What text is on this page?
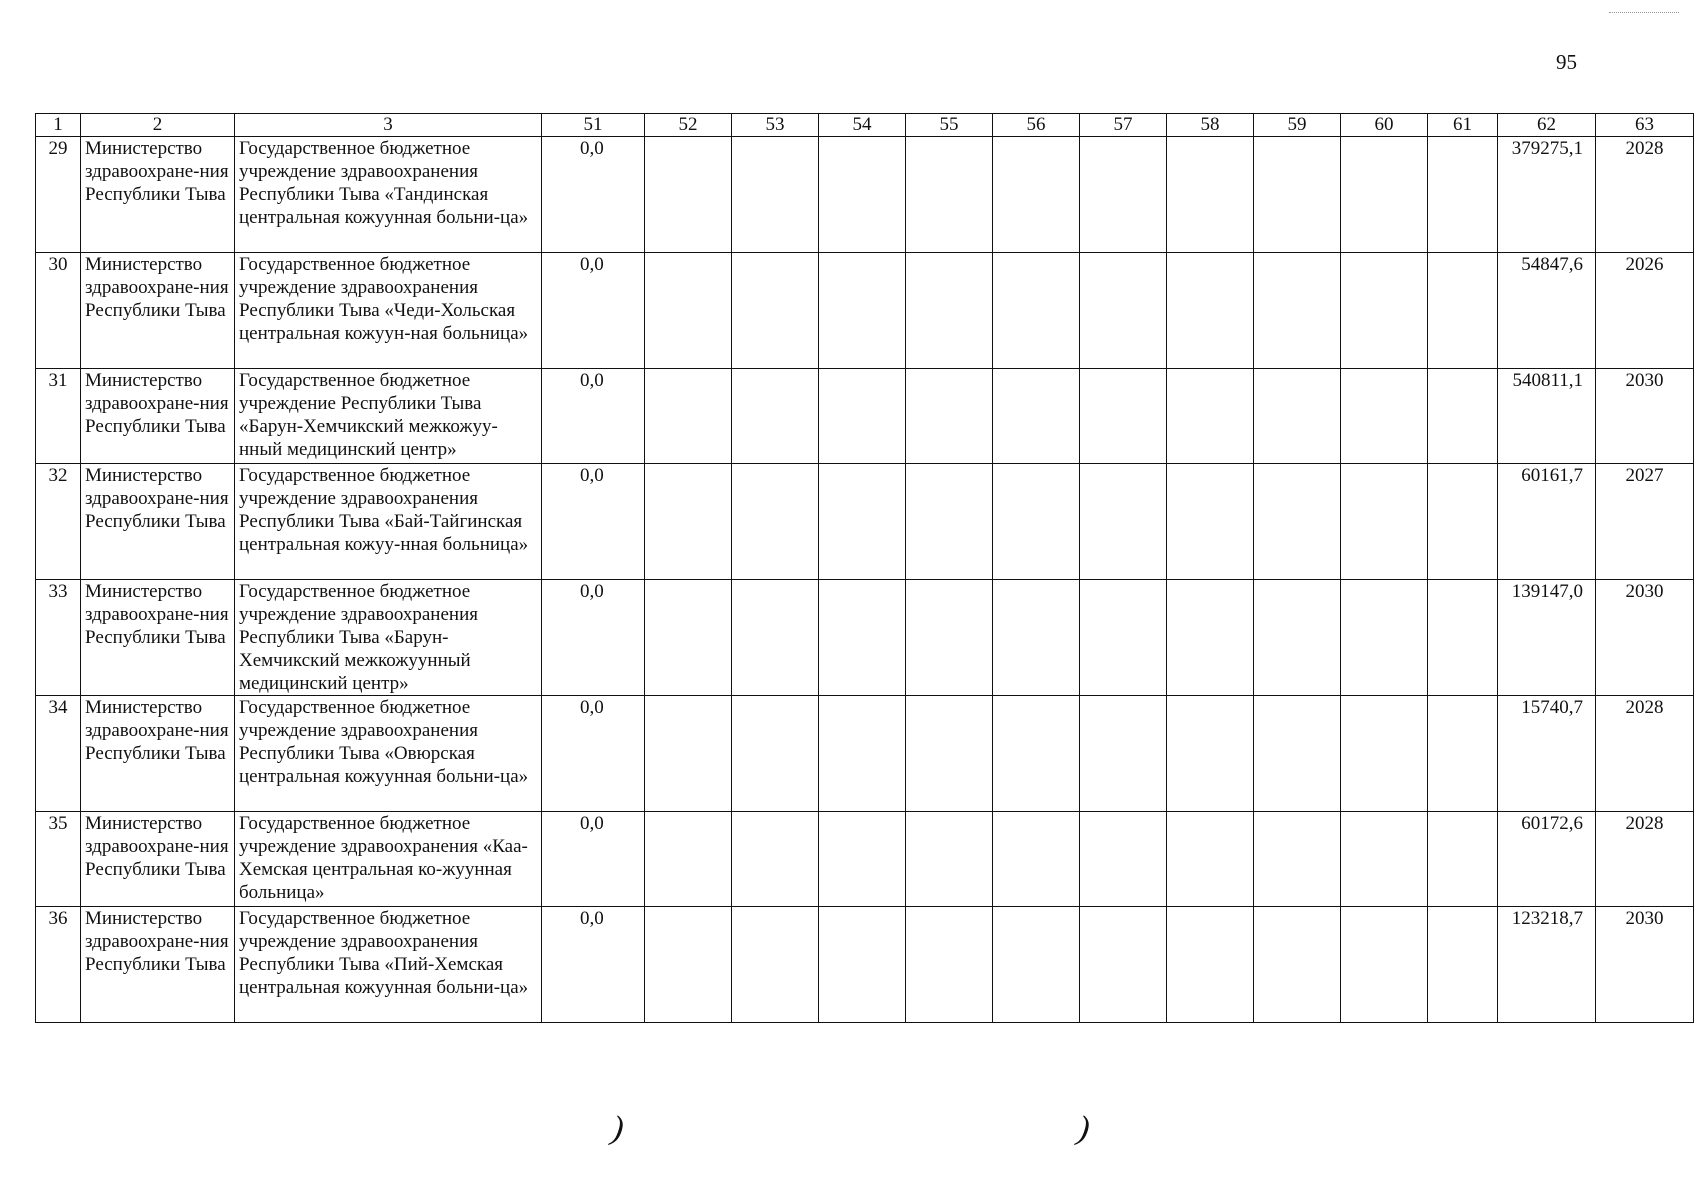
95
1	2	3	51	52	53	54	55	56	57	58	59	60	61	62	63
29	Министерство здравоохране-ния Республики Тыва	Государственное бюджетное учреждение здравоохранения Республики Тыва «Тандинская центральная кожуунная больни-ца»	0,0											379275,1	2028
30	Министерство здравоохране-ния Республики Тыва	Государственное бюджетное учреждение здравоохранения Республики Тыва «Чеди-Хольская центральная кожуун-ная больница»	0,0											54847,6	2026
31	Министерство здравоохране-ния Республики Тыва	Государственное бюджетное учреждение Республики Тыва «Барун-Хемчикский межкожуу-нный медицинский центр»	0,0											540811,1	2030
32	Министерство здравоохране-ния Республики Тыва	Государственное бюджетное учреждение здравоохранения Республики Тыва «Бай-Тайгинская центральная кожуу-нная больница»	0,0											60161,7	2027
33	Министерство здравоохране-ния Республики Тыва	Государственное бюджетное учреждение здравоохранения Республики Тыва «Барун-Хемчикский межкожуунный медицинский центр»	0,0											139147,0	2030
34	Министерство здравоохране-ния Республики Тыва	Государственное бюджетное учреждение здравоохранения Республики Тыва «Овюрская центральная кожуунная больни-ца»	0,0											15740,7	2028
35	Министерство здравоохране-ния Республики Тыва	Государственное бюджетное учреждение здравоохранения «Каа-Хемская центральная ко-жуунная больница»	0,0											60172,6	2028
36	Министерство здравоохране-ния Республики Тыва	Государственное бюджетное учреждение здравоохранения Республики Тыва «Пий-Хемская центральная кожуунная больни-ца»	0,0											123218,7	2030
)	)
